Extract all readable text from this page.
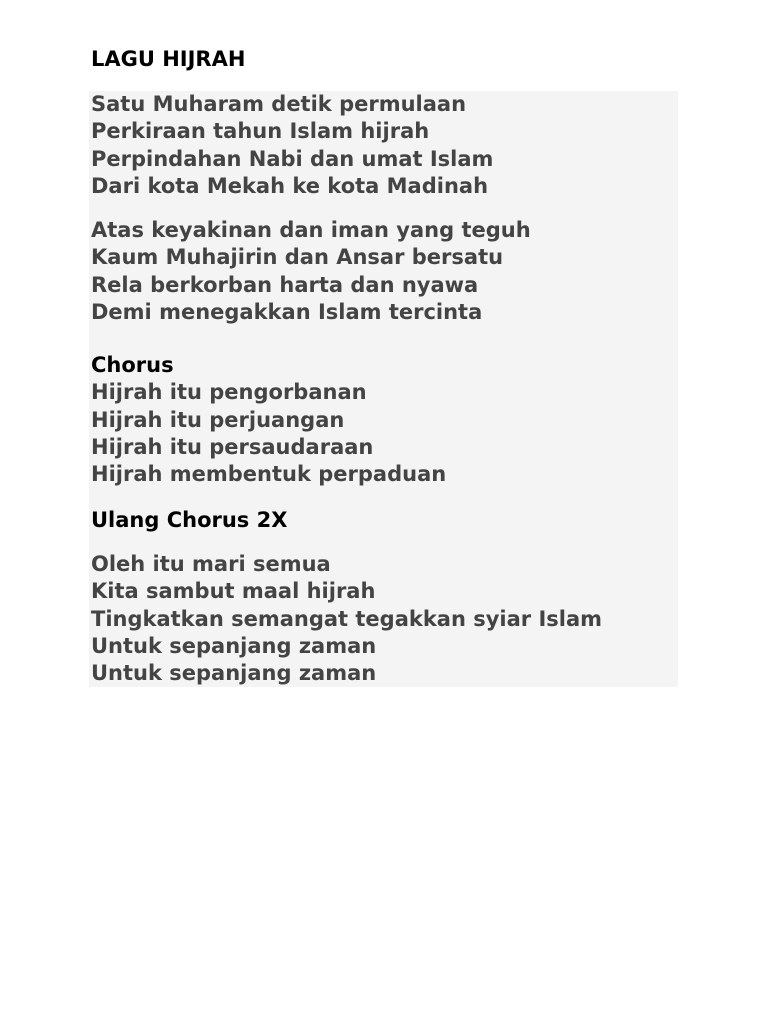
LAGU HIJRAH
Satu Muharam detik permulaan
Perkiraan tahun Islam hijrah
Perpindahan Nabi dan umat Islam
Dari kota Mekah ke kota Madinah
Atas keyakinan dan iman yang teguh
Kaum Muhajirin dan Ansar bersatu
Rela berkorban harta dan nyawa
Demi menegakkan Islam tercinta
Chorus
Hijrah itu pengorbanan
Hijrah itu perjuangan
Hijrah itu persaudaraan
Hijrah membentuk perpaduan
Ulang Chorus 2X
Oleh itu mari semua
Kita sambut maal hijrah
Tingkatkan semangat tegakkan syiar Islam
Untuk sepanjang zaman
Untuk sepanjang zaman
